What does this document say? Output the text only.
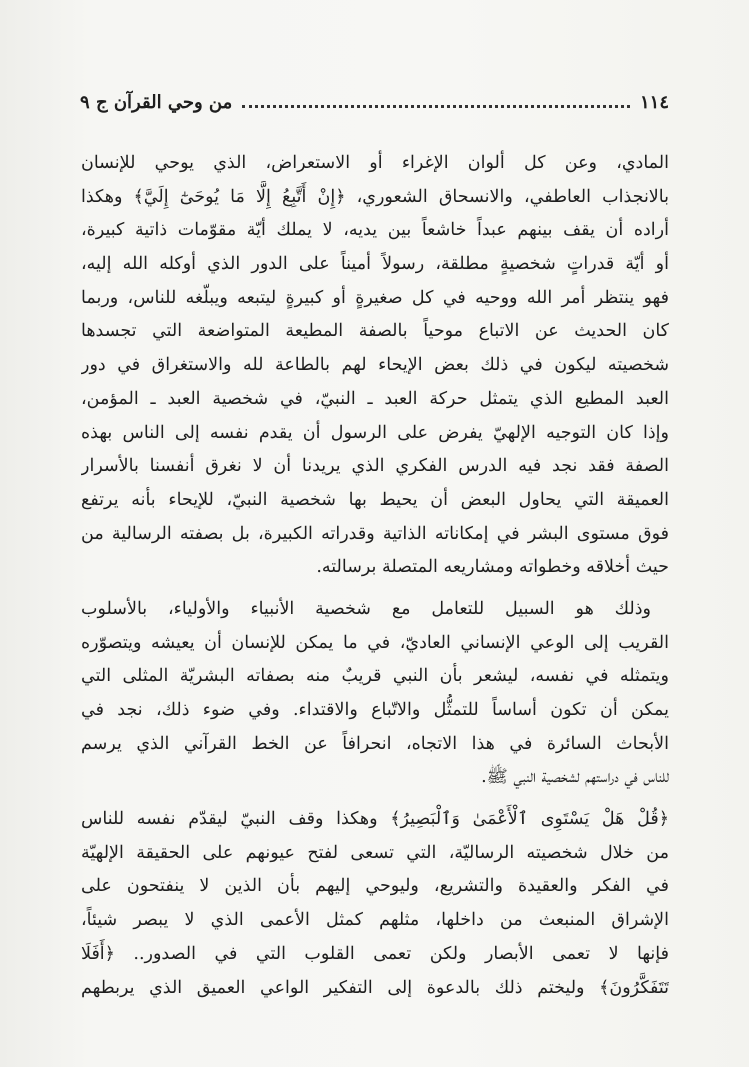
١١٤
من وحي القرآن ج ٩

المادي، وعن كل ألوان الإغراء أو الاستعراض، الذي يوحي للإنسان
بالانجذاب العاطفي، والانسحاق الشعوري، ﴿إِنْ أَتَّبِعُ إِلَّا مَا يُوحَىٰٓ إِلَيَّ﴾ وهكذا
أراده أن يقف بينهم عبداً خاشعاً بين يديه، لا يملك أيّة مقوّمات ذاتية كبيرة،
أو أيّة قدراتٍ شخصيةٍ مطلقة، رسولاً أميناً على الدور الذي أوكله الله إليه،
فهو ينتظر أمر الله ووحيه في كل صغيرةٍ أو كبيرةٍ ليتبعه ويبلّغه للناس، وربما
كان الحديث عن الاتباع موحياً بالصفة المطيعة المتواضعة التي تجسدها
شخصيته ليكون في ذلك بعض الإيحاء لهم بالطاعة لله والاستغراق في دور
العبد المطيع الذي يتمثل حركة العبد ـ النبيّ، في شخصية العبد ـ المؤمن،
وإذا كان التوجيه الإلهيّ يفرض على الرسول أن يقدم نفسه إلى الناس بهذه
الصفة فقد نجد فيه الدرس الفكري الذي يريدنا أن لا نغرق أنفسنا بالأسرار
العميقة التي يحاول البعض أن يحيط بها شخصية النبيّ، للإيحاء بأنه يرتفع
فوق مستوى البشر في إمكاناته الذاتية وقدراته الكبيرة، بل بصفته الرسالية من
حيث أخلاقه وخطواته ومشاريعه المتصلة برسالته.

وذلك هو السبيل للتعامل مع شخصية الأنبياء والأولياء، بالأسلوب
القريب إلى الوعي الإنساني العاديّ، في ما يمكن للإنسان أن يعيشه ويتصوّره
ويتمثله في نفسه، ليشعر بأن النبي قريبٌ منه بصفاته البشريّة المثلى التي
يمكن أن تكون أساساً للتمثُّل والاتّباع والاقتداء. وفي ضوء ذلك، نجد في
الأبحاث السائرة في هذا الاتجاه، انحرافاً عن الخط القرآني الذي يرسم
للناس في دراستهم لشخصية النبي ﷺ.

﴿قُلْ هَلْ يَسْتَوِى ٱلْأَعْمَىٰ وَٱلْبَصِيرُ﴾ وهكذا وقف النبيّ ليقدّم نفسه للناس
من خلال شخصيته الرساليّة، التي تسعى لفتح عيونهم على الحقيقة الإلهيّة
في الفكر والعقيدة والتشريع، وليوحي إليهم بأن الذين لا ينفتحون على
الإشراق المنبعث من داخلها، مثلهم كمثل الأعمى الذي لا يبصر شيئاً،
فإنها لا تعمى الأبصار ولكن تعمى القلوب التي في الصدور.. ﴿أَفَلَا
تَتَفَكَّرُونَ﴾ وليختم ذلك بالدعوة إلى التفكير الواعي العميق الذي يربطهم
